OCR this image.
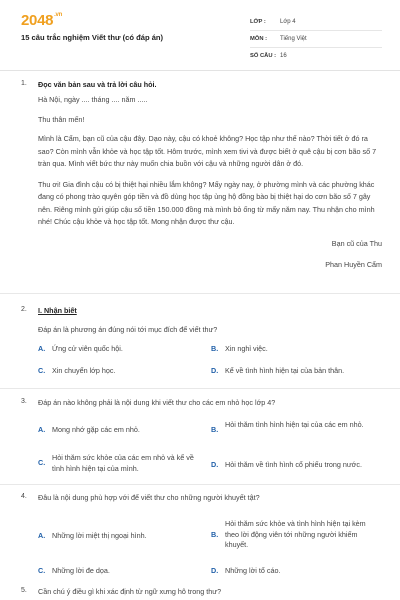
$2048^{.vn}$
15 câu trắc nghiệm Viết thư (có đáp án)
LỚP :	Lớp 4
MÔN :	Tiếng Việt
SỐ CÂU : 16
1. Đọc văn bản sau và trả lời câu hỏi.

Hà Nội, ngày .... tháng .... năm .....

Thu thân mến!

Mình là Cẩm, bạn cũ của cậu đây. Dạo này, cậu có khoẻ không? Học tập như thế nào? Thời tiết ở đó ra sao? Còn mình vẫn khỏe và học tập tốt. Hôm trước, mình xem tivi và được biết ở quê cậu bị cơn bão số 7 tràn qua. Mình viết bức thư này muốn chia buồn với cậu và những người dân ở đó.

Thu ơi! Gia đình cậu có bị thiệt hại nhiều lắm không? Mấy ngày nay, ở phường mình và các phường khác đang có phong trào quyên góp tiền và đồ dùng học tập ủng hộ đồng bào bị thiệt hại do cơn bão số 7 gây nên. Riêng mình gửi giúp cậu số tiền 150.000 đồng mà mình bỏ ống từ mấy năm nay. Thu nhận cho mình nhé! Chúc cậu khỏe và học tập tốt. Mong nhận được thư cậu.

Bạn cũ của Thu

Phan Huyền Cẩm

2. I. Nhận biết
Đáp án là phương án đúng nói tới mục đích để viết thư?
A. Ứng cử viên quốc hội.	B. Xin nghỉ việc.
C. Xin chuyển lớp học.	D. Kể về tình hình hiện tại của bản thân.
3. Đáp án nào không phải là nội dung khi viết thư cho các em nhỏ học lớp 4?
A. Mong nhớ gặp các em nhỏ.	B.
Hỏi thăm tình hình hiện tại của các em nhỏ.
C.
Hỏi thăm sức khỏe của các em nhỏ và kể về tình hình hiện tại của mình.	D. Hỏi thăm về tình hình cổ phiếu trong nước.
4. Đâu là nội dung phù hợp với để viết thư cho những người khuyết tật?
A. Những lời miệt thị ngoại hình.	B.
Hỏi thăm sức khỏe và tình hình hiện tại kèm theo lời động viên tới những người khiếm khuyết.
C. Những lời đe dọa.	D. Những lời tổ cáo.
5. Cần chú ý điều gì khi xác định từ ngữ xưng hô trong thư?
